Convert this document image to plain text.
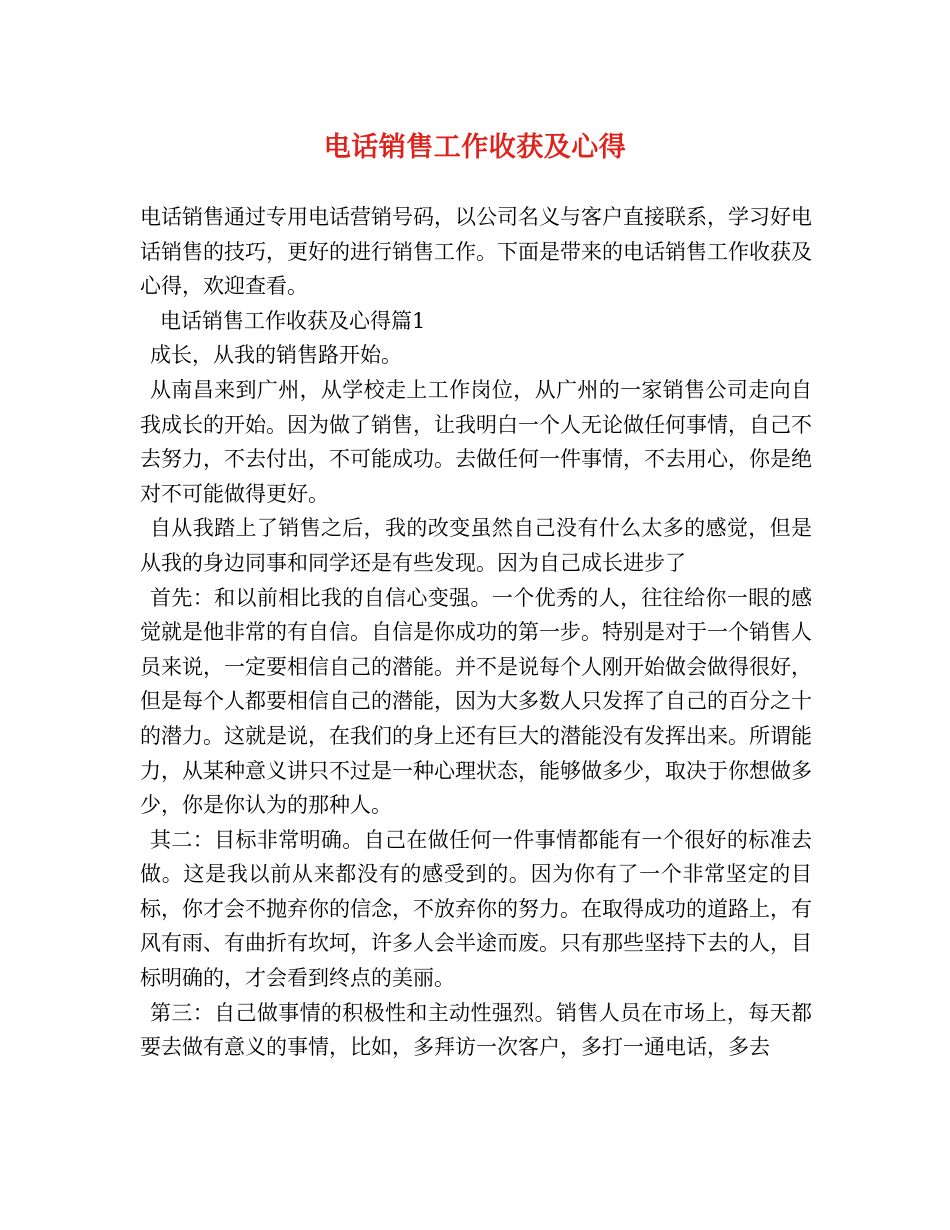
电话销售工作收获及心得

电话销售通过专用电话营销号码，以公司名义与客户直接联系，学习好电话销售的技巧，更好的进行销售工作。下面是带来的电话销售工作收获及心得，欢迎查看。

电话销售工作收获及心得篇1

成长，从我的销售路开始。

从南昌来到广州，从学校走上工作岗位，从广州的一家销售公司走向自我成长的开始。因为做了销售，让我明白一个人无论做任何事情，自己不去努力，不去付出，不可能成功。去做任何一件事情，不去用心，你是绝对不可能做得更好。

自从我踏上了销售之后，我的改变虽然自己没有什么太多的感觉，但是从我的身边同事和同学还是有些发现。因为自己成长进步了

首先：和以前相比我的自信心变强。一个优秀的人，往往给你一眼的感觉就是他非常的有自信。自信是你成功的第一步。特别是对于一个销售人员来说，一定要相信自己的潜能。并不是说每个人刚开始做会做得很好，但是每个人都要相信自己的潜能，因为大多数人只发挥了自己的百分之十的潜力。这就是说，在我们的身上还有巨大的潜能没有发挥出来。所谓能力，从某种意义讲只不过是一种心理状态，能够做多少，取决于你想做多少，你是你认为的那种人。

其二：目标非常明确。自己在做任何一件事情都能有一个很好的标准去做。这是我以前从来都没有的感受到的。因为你有了一个非常坚定的目标，你才会不抛弃你的信念，不放弃你的努力。在取得成功的道路上，有风有雨、有曲折有坎坷，许多人会半途而废。只有那些坚持下去的人，目标明确的，才会看到终点的美丽。

第三：自己做事情的积极性和主动性强烈。销售人员在市场上，每天都要去做有意义的事情，比如，多拜访一次客户，多打一通电话，多去
